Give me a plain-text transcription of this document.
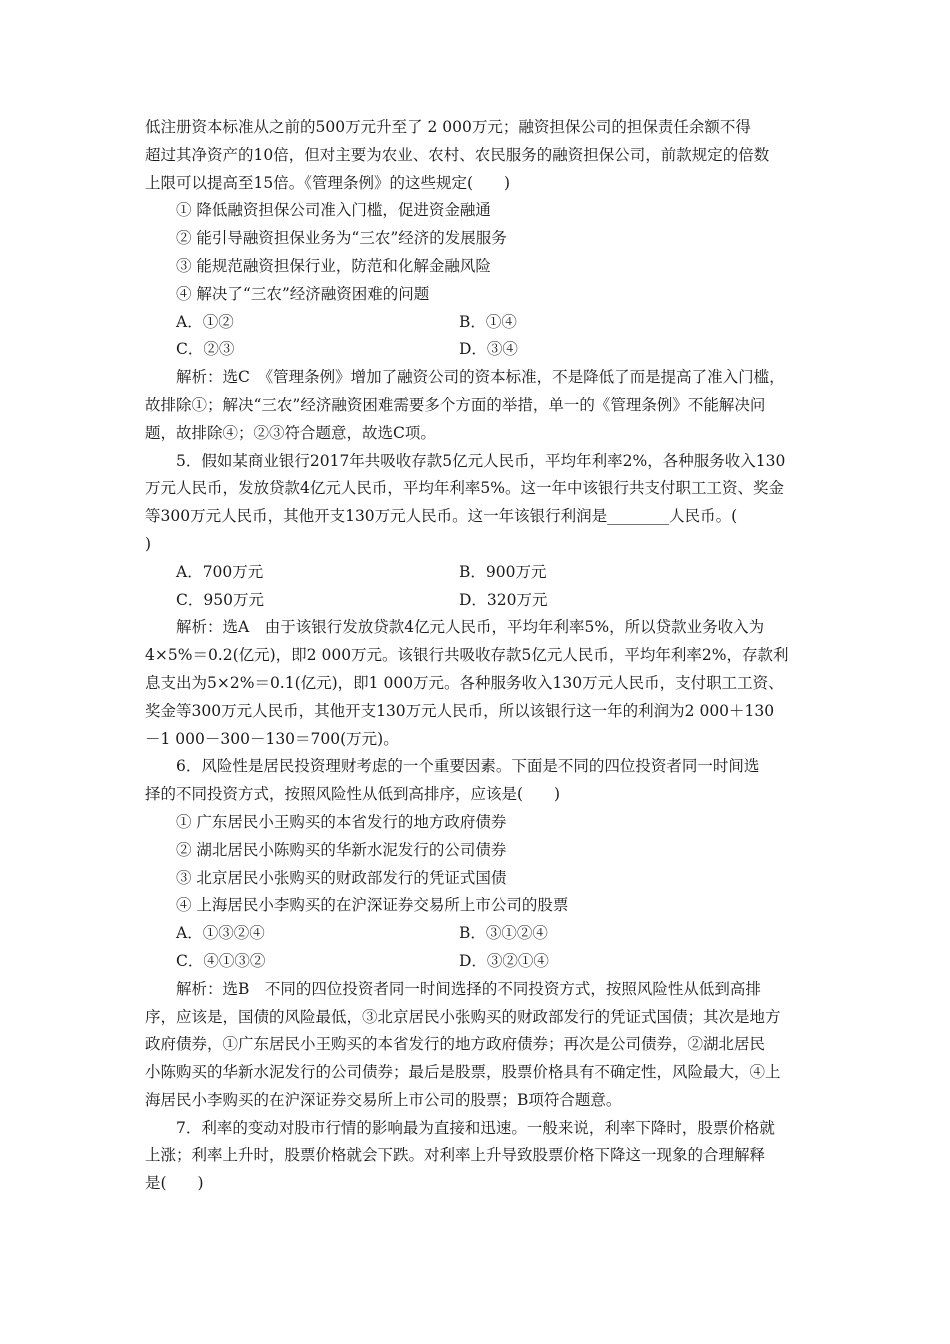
低注册资本标准从之前的500万元升至了 2 000万元；融资担保公司的担保责任余额不得
超过其净资产的10倍，但对主要为农业、农村、农民服务的融资担保公司，前款规定的倍数
上限可以提高至15倍。《管理条例》的这些规定(　　)
① 降低融资担保公司准入门槛，促进资金融通
② 能引导融资担保业务为“三农”经济的发展服务
③ 能规范融资担保行业，防范和化解金融风险
④ 解决了“三农”经济融资困难的问题
A．①②	B．①④
C．②③	D．③④
解析：选C　《管理条例》增加了融资公司的资本标准，不是降低了而是提高了准入门槛，
故排除①；解决“三农”经济融资困难需要多个方面的举措，单一的《管理条例》不能解决问
题，故排除④；②③符合题意，故选C项。
5．假如某商业银行2017年共吸收存款5亿元人民币，平均年利率2%，各种服务收入130
万元人民币，发放贷款4亿元人民币，平均年利率5%。这一年中该银行共支付职工工资、奖金
等300万元人民币，其他开支130万元人民币。这一年该银行利润是________人民币。(
)
A．700万元	B．900万元
C．950万元	D．320万元
解析：选A　由于该银行发放贷款4亿元人民币，平均年利率5%，所以贷款业务收入为
4×5%＝0.2(亿元)，即2 000万元。该银行共吸收存款5亿元人民币，平均年利率2%，存款利
息支出为5×2%＝0.1(亿元)，即1 000万元。各种服务收入130万元人民币，支付职工工资、
奖金等300万元人民币，其他开支130万元人民币，所以该银行这一年的利润为2 000＋130
－1 000－300－130＝700(万元)。
6．风险性是居民投资理财考虑的一个重要因素。下面是不同的四位投资者同一时间选
择的不同投资方式，按照风险性从低到高排序，应该是(　　)
① 广东居民小王购买的本省发行的地方政府债券
② 湖北居民小陈购买的华新水泥发行的公司债券
③ 北京居民小张购买的财政部发行的凭证式国债
④ 上海居民小李购买的在沪深证券交易所上市公司的股票
A．①③②④	B．③①②④
C．④①③②	D．③②①④
解析：选B　不同的四位投资者同一时间选择的不同投资方式，按照风险性从低到高排
序，应该是，国债的风险最低，③北京居民小张购买的财政部发行的凭证式国债；其次是地方
政府债券，①广东居民小王购买的本省发行的地方政府债券；再次是公司债券，②湖北居民
小陈购买的华新水泥发行的公司债券；最后是股票，股票价格具有不确定性，风险最大，④上
海居民小李购买的在沪深证券交易所上市公司的股票；B项符合题意。
7．利率的变动对股市行情的影响最为直接和迅速。一般来说，利率下降时，股票价格就
上涨；利率上升时，股票价格就会下跌。对利率上升导致股票价格下降这一现象的合理解释
是(　　)
